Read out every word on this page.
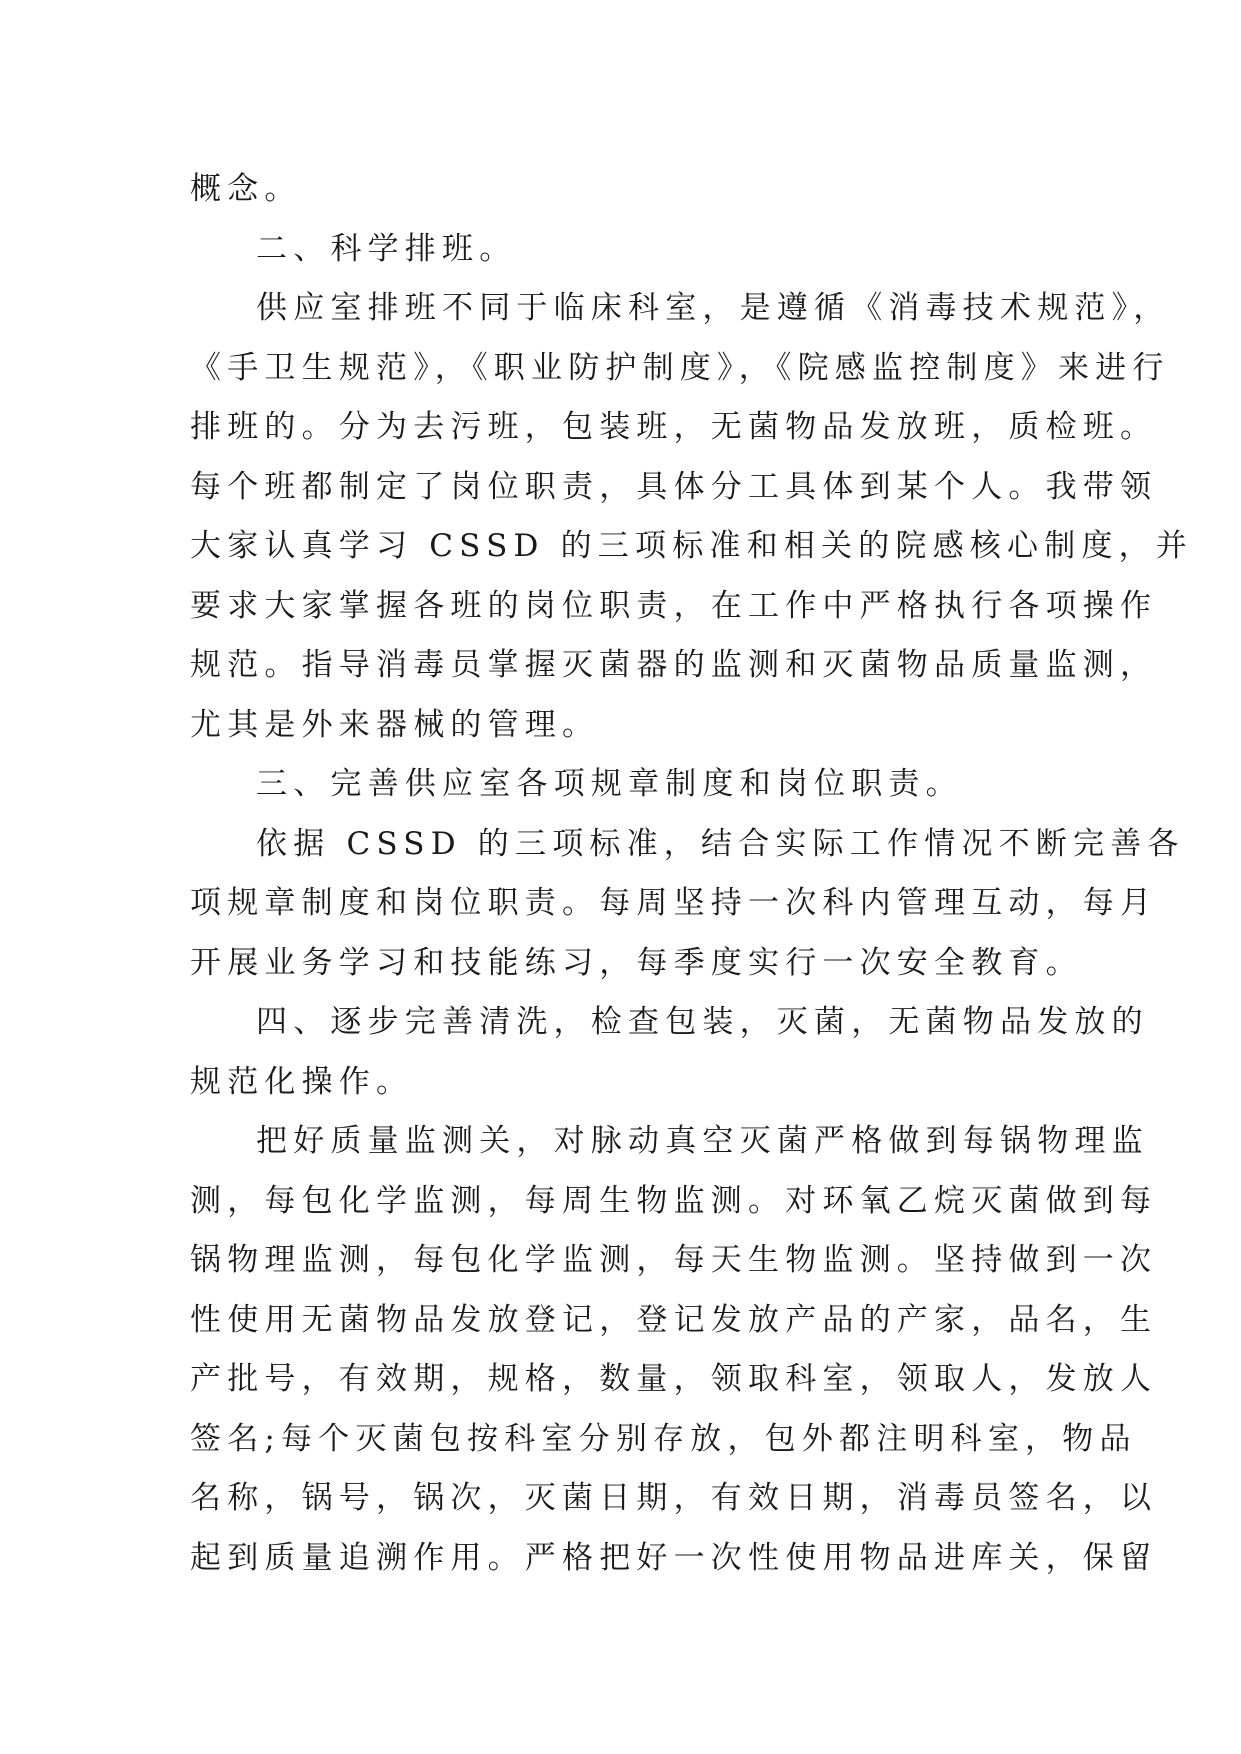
概念。
二、科学排班。
供应室排班不同于临床科室，是遵循《消毒技术规范》，
《手卫生规范》，《职业防护制度》，《院感监控制度》来进行
排班的。分为去污班，包装班，无菌物品发放班，质检班。
每个班都制定了岗位职责，具体分工具体到某个人。我带领
大家认真学习 CSSD 的三项标准和相关的院感核心制度，并
要求大家掌握各班的岗位职责，在工作中严格执行各项操作
规范。指导消毒员掌握灭菌器的监测和灭菌物品质量监测，
尤其是外来器械的管理。
三、完善供应室各项规章制度和岗位职责。
依据 CSSD 的三项标准，结合实际工作情况不断完善各
项规章制度和岗位职责。每周坚持一次科内管理互动，每月
开展业务学习和技能练习，每季度实行一次安全教育。
四、逐步完善清洗，检查包装，灭菌，无菌物品发放的
规范化操作。
把好质量监测关，对脉动真空灭菌严格做到每锅物理监
测，每包化学监测，每周生物监测。对环氧乙烷灭菌做到每
锅物理监测，每包化学监测，每天生物监测。坚持做到一次
性使用无菌物品发放登记，登记发放产品的产家，品名，生
产批号，有效期，规格，数量，领取科室，领取人，发放人
签名;每个灭菌包按科室分别存放，包外都注明科室，物品
名称，锅号，锅次，灭菌日期，有效日期，消毒员签名，以
起到质量追溯作用。严格把好一次性使用物品进库关，保留
